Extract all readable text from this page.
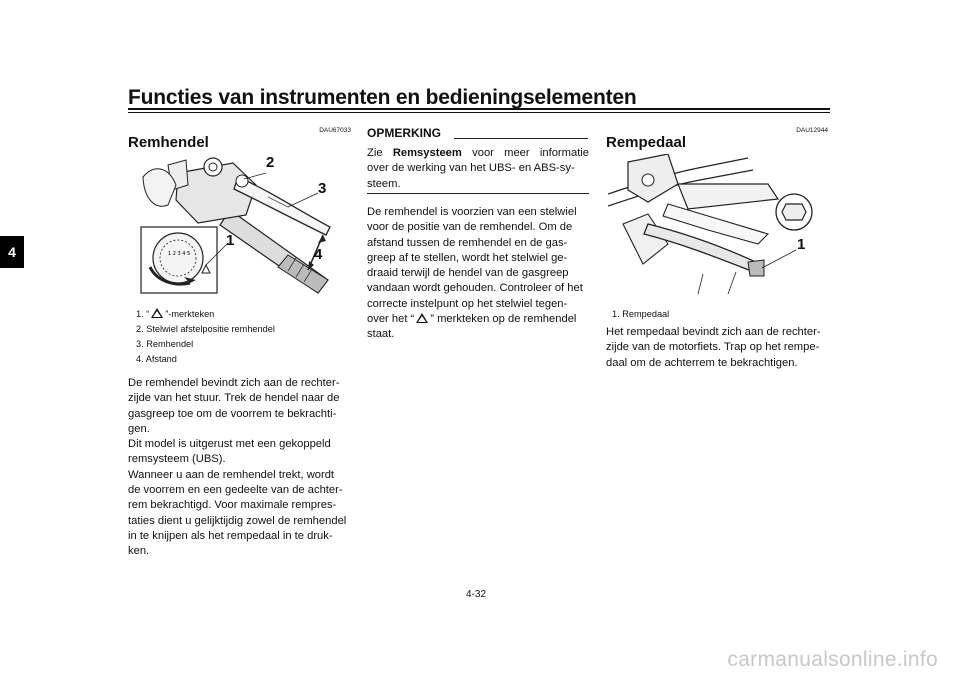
Functies van instrumenten en bedieningselementen
4
DAU67033
Remhendel
1 2 3 4 5
2
3
1
4
1. “ ”-merkteken
2. Stelwiel afstelpositie remhendel
3. Remhendel
4. Afstand
De remhendel bevindt zich aan de rechter-
zijde van het stuur. Trek de hendel naar de
gasgreep toe om de voorrem te bekrachti-
gen.
Dit model is uitgerust met een gekoppeld
remsysteem (UBS).
Wanneer u aan de remhendel trekt, wordt
de voorrem en een gedeelte van de achter-
rem bekrachtigd. Voor maximale rempres-
taties dient u gelijktijdig zowel de remhendel
in te knijpen als het rempedaal in te druk-
ken.
OPMERKING
Zie Remsysteem voor meer informatie
over de werking van het UBS- en ABS-sy-
steem.
De remhendel is voorzien van een stelwiel
voor de positie van de remhendel. Om de
afstand tussen de remhendel en de gas-
greep af te stellen, wordt het stelwiel ge-
draaid terwijl de hendel van de gasgreep
vandaan wordt gehouden. Controleer of het
correcte instelpunt op het stelwiel tegen-
over het “ ” merkteken op de remhendel
staat.
DAU12944
Rempedaal
1
1. Rempedaal
Het rempedaal bevindt zich aan de rechter-
zijde van de motorfiets. Trap op het rempe-
daal om de achterrem te bekrachtigen.
4-32
carmanualsonline.info
